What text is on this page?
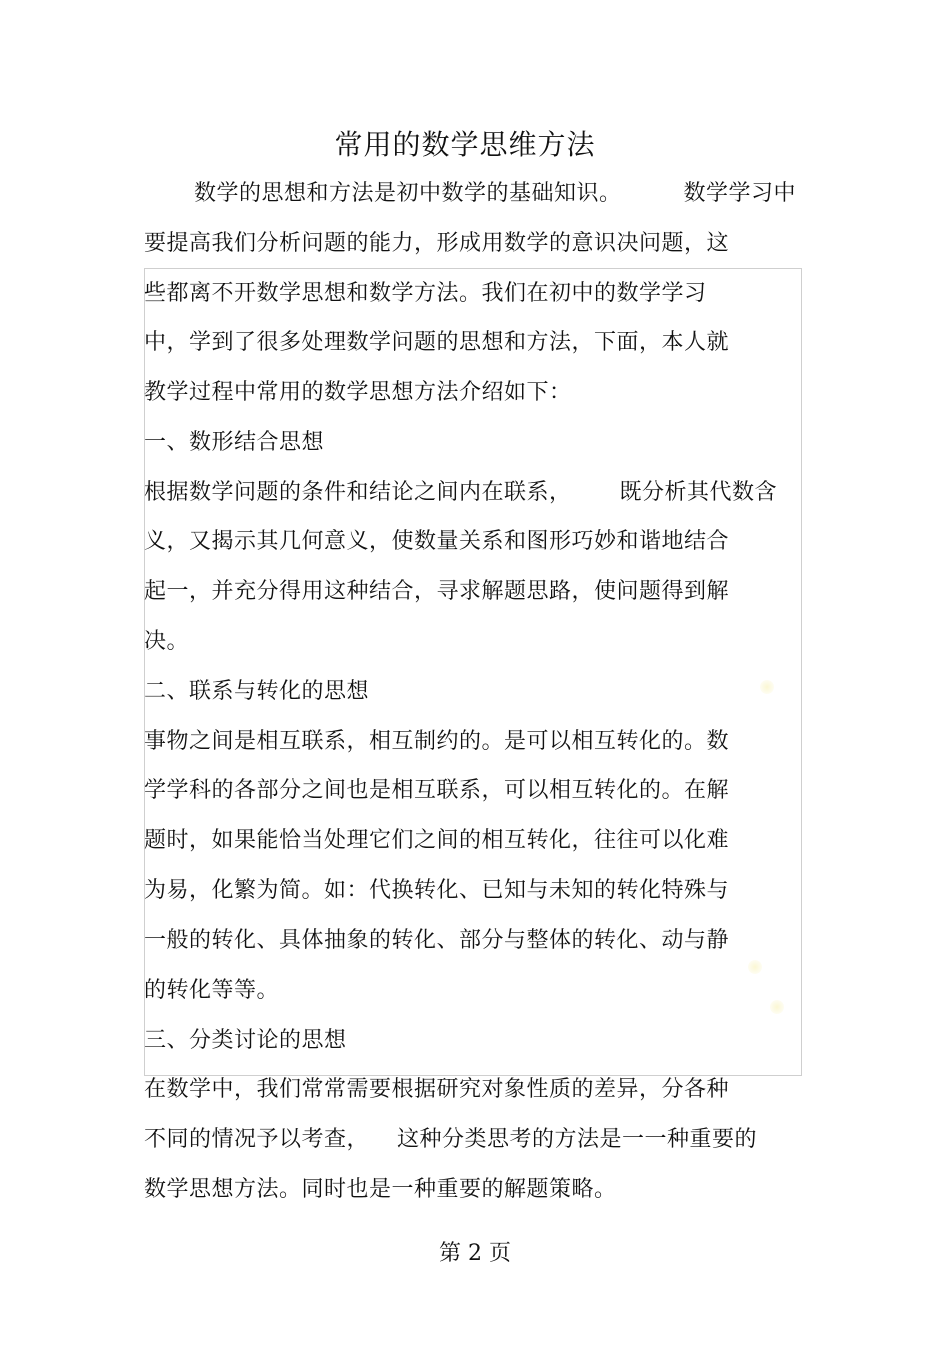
常用的数学思维方法
数学的思想和方法是初中数学的基础知识。	数学学习中
要提高我们分析问题的能力，形成用数学的意识决问题，这
些都离不开数学思想和数学方法。我们在初中的数学学习
中，学到了很多处理数学问题的思想和方法，下面，本人就
教学过程中常用的数学思想方法介绍如下：
一、数形结合思想
根据数学问题的条件和结论之间内在联系， 既分析其代数含
义，又揭示其几何意义，使数量关系和图形巧妙和谐地结合
起一，并充分得用这种结合，寻求解题思路，使问题得到解
决。
二、联系与转化的思想
事物之间是相互联系，相互制约的。是可以相互转化的。数
学学科的各部分之间也是相互联系，可以相互转化的。在解
题时，如果能恰当处理它们之间的相互转化，往往可以化难
为易，化繁为简。如：代换转化、已知与未知的转化特殊与
一般的转化、具体抽象的转化、部分与整体的转化、动与静
的转化等等。
三、分类讨论的思想
在数学中，我们常常需要根据研究对象性质的差异，分各种
不同的情况予以考查， 这种分类思考的方法是一一种重要的
数学思想方法。同时也是一种重要的解题策略。
第 2 页
